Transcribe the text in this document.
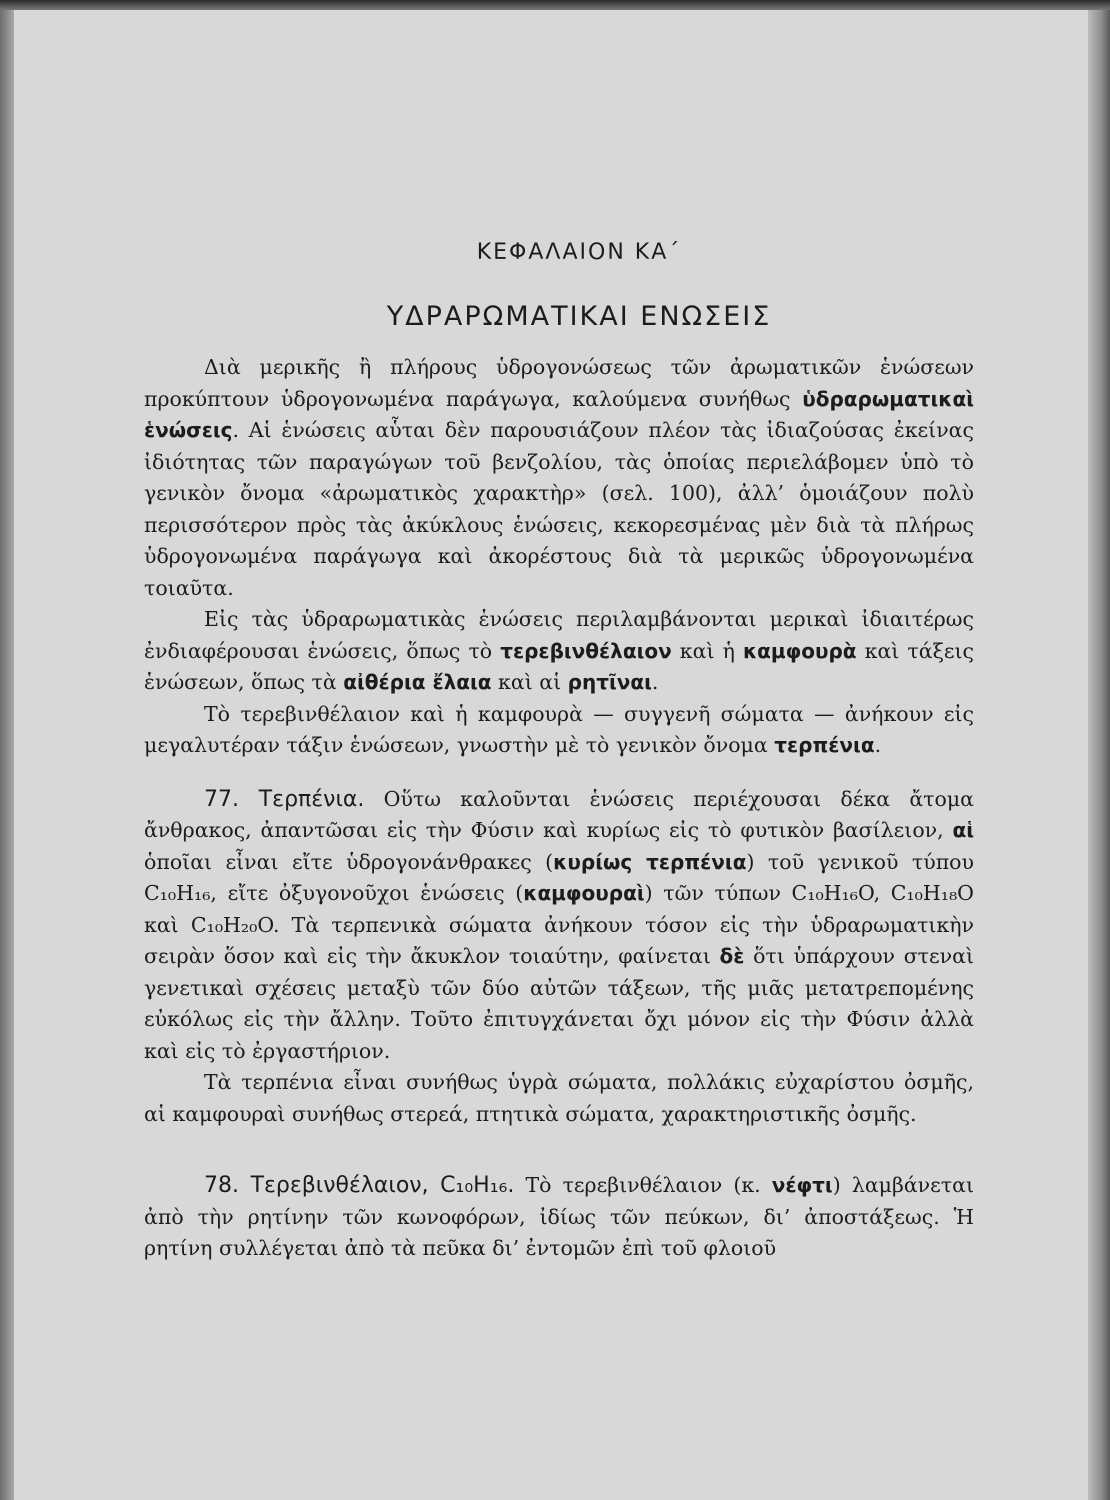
ΚΕΦΑΛΑΙΟΝ ΚΑ΄
ΥΔΡΑΡΩΜΑΤΙΚΑΙ ΕΝΩΣΕΙΣ

Διὰ μερικῆς ἢ πλήρους ὑδρογονώσεως τῶν ἀρωματικῶν ἑνώσεων προκύπτουν ὑδρογονωμένα παράγωγα, καλούμενα συνήθως ὑδραρωματικαὶ ἑνώσεις. Αἱ ἑνώσεις αὗται δὲν παρουσιάζουν πλέον τὰς ἰδιαζούσας ἐκείνας ἰδιότητας τῶν παραγώγων τοῦ βενζολίου, τὰς ὁποίας περιελάβομεν ὑπὸ τὸ γενικὸν ὄνομα «ἀρωματικὸς χαρακτὴρ» (σελ. 100), ἀλλ’ ὁμοιάζουν πολὺ περισσότερον πρὸς τὰς ἀκύκλους ἑνώσεις, κεκορεσμένας μὲν διὰ τὰ πλήρως ὑδρογονωμένα παράγωγα καὶ ἀκορέστους διὰ τὰ μερικῶς ὑδρογονωμένα τοιαῦτα.

Εἰς τὰς ὑδραρωματικὰς ἑνώσεις περιλαμβάνονται μερικαὶ ἰδιαιτέρως ἐνδιαφέρουσαι ἑνώσεις, ὅπως τὸ τερεβινθέλαιον καὶ ἡ καμφουρὰ καὶ τάξεις ἑνώσεων, ὅπως τὰ αἰθέρια ἔλαια καὶ αἱ ρητῖναι.

Τὸ τερεβινθέλαιον καὶ ἡ καμφουρὰ — συγγενῆ σώματα — ἀνήκουν εἰς μεγαλυτέραν τάξιν ἑνώσεων, γνωστὴν μὲ τὸ γενικὸν ὄνομα τερπένια.

77. Τερπένια. Οὕτω καλοῦνται ἑνώσεις περιέχουσαι δέκα ἄτομα ἄνθρακος, ἀπαντῶσαι εἰς τὴν Φύσιν καὶ κυρίως εἰς τὸ φυτικὸν βασίλειον, αἱ ὁποῖαι εἶναι εἴτε ὑδρογονάνθρακες (κυρίως τερπένια) τοῦ γενικοῦ τύπου C₁₀H₁₆, εἴτε ὀξυγονοῦχοι ἑνώσεις (καμφουραὶ) τῶν τύπων C₁₀H₁₆O, C₁₀H₁₈O καὶ C₁₀H₂₀O. Τὰ τερπενικὰ σώματα ἀνήκουν τόσον εἰς τὴν ὑδραρωματικὴν σειρὰν ὅσον καὶ εἰς τὴν ἄκυκλον τοιαύτην, φαίνεται δὲ ὅτι ὑπάρχουν στεναὶ γενετικαὶ σχέσεις μεταξὺ τῶν δύο αὐτῶν τάξεων, τῆς μιᾶς μετατρεπομένης εὐκόλως εἰς τὴν ἄλλην. Τοῦτο ἐπιτυγχάνεται ὄχι μόνον εἰς τὴν Φύσιν ἀλλὰ καὶ εἰς τὸ ἐργαστήριον.

Τὰ τερπένια εἶναι συνήθως ὑγρὰ σώματα, πολλάκις εὐχαρίστου ὀσμῆς, αἱ καμφουραὶ συνήθως στερεά, πτητικὰ σώματα, χαρακτηριστικῆς ὀσμῆς.

78. Τερεβινθέλαιον, C₁₀H₁₆. Τὸ τερεβινθέλαιον (κ. νέφτι) λαμβάνεται ἀπὸ τὴν ρητίνην τῶν κωνοφόρων, ἰδίως τῶν πεύκων, δι’ ἀποστάξεως. Ἡ ρητίνη συλλέγεται ἀπὸ τὰ πεῦκα δι’ ἐντομῶν ἐπὶ τοῦ φλοιοῦ
